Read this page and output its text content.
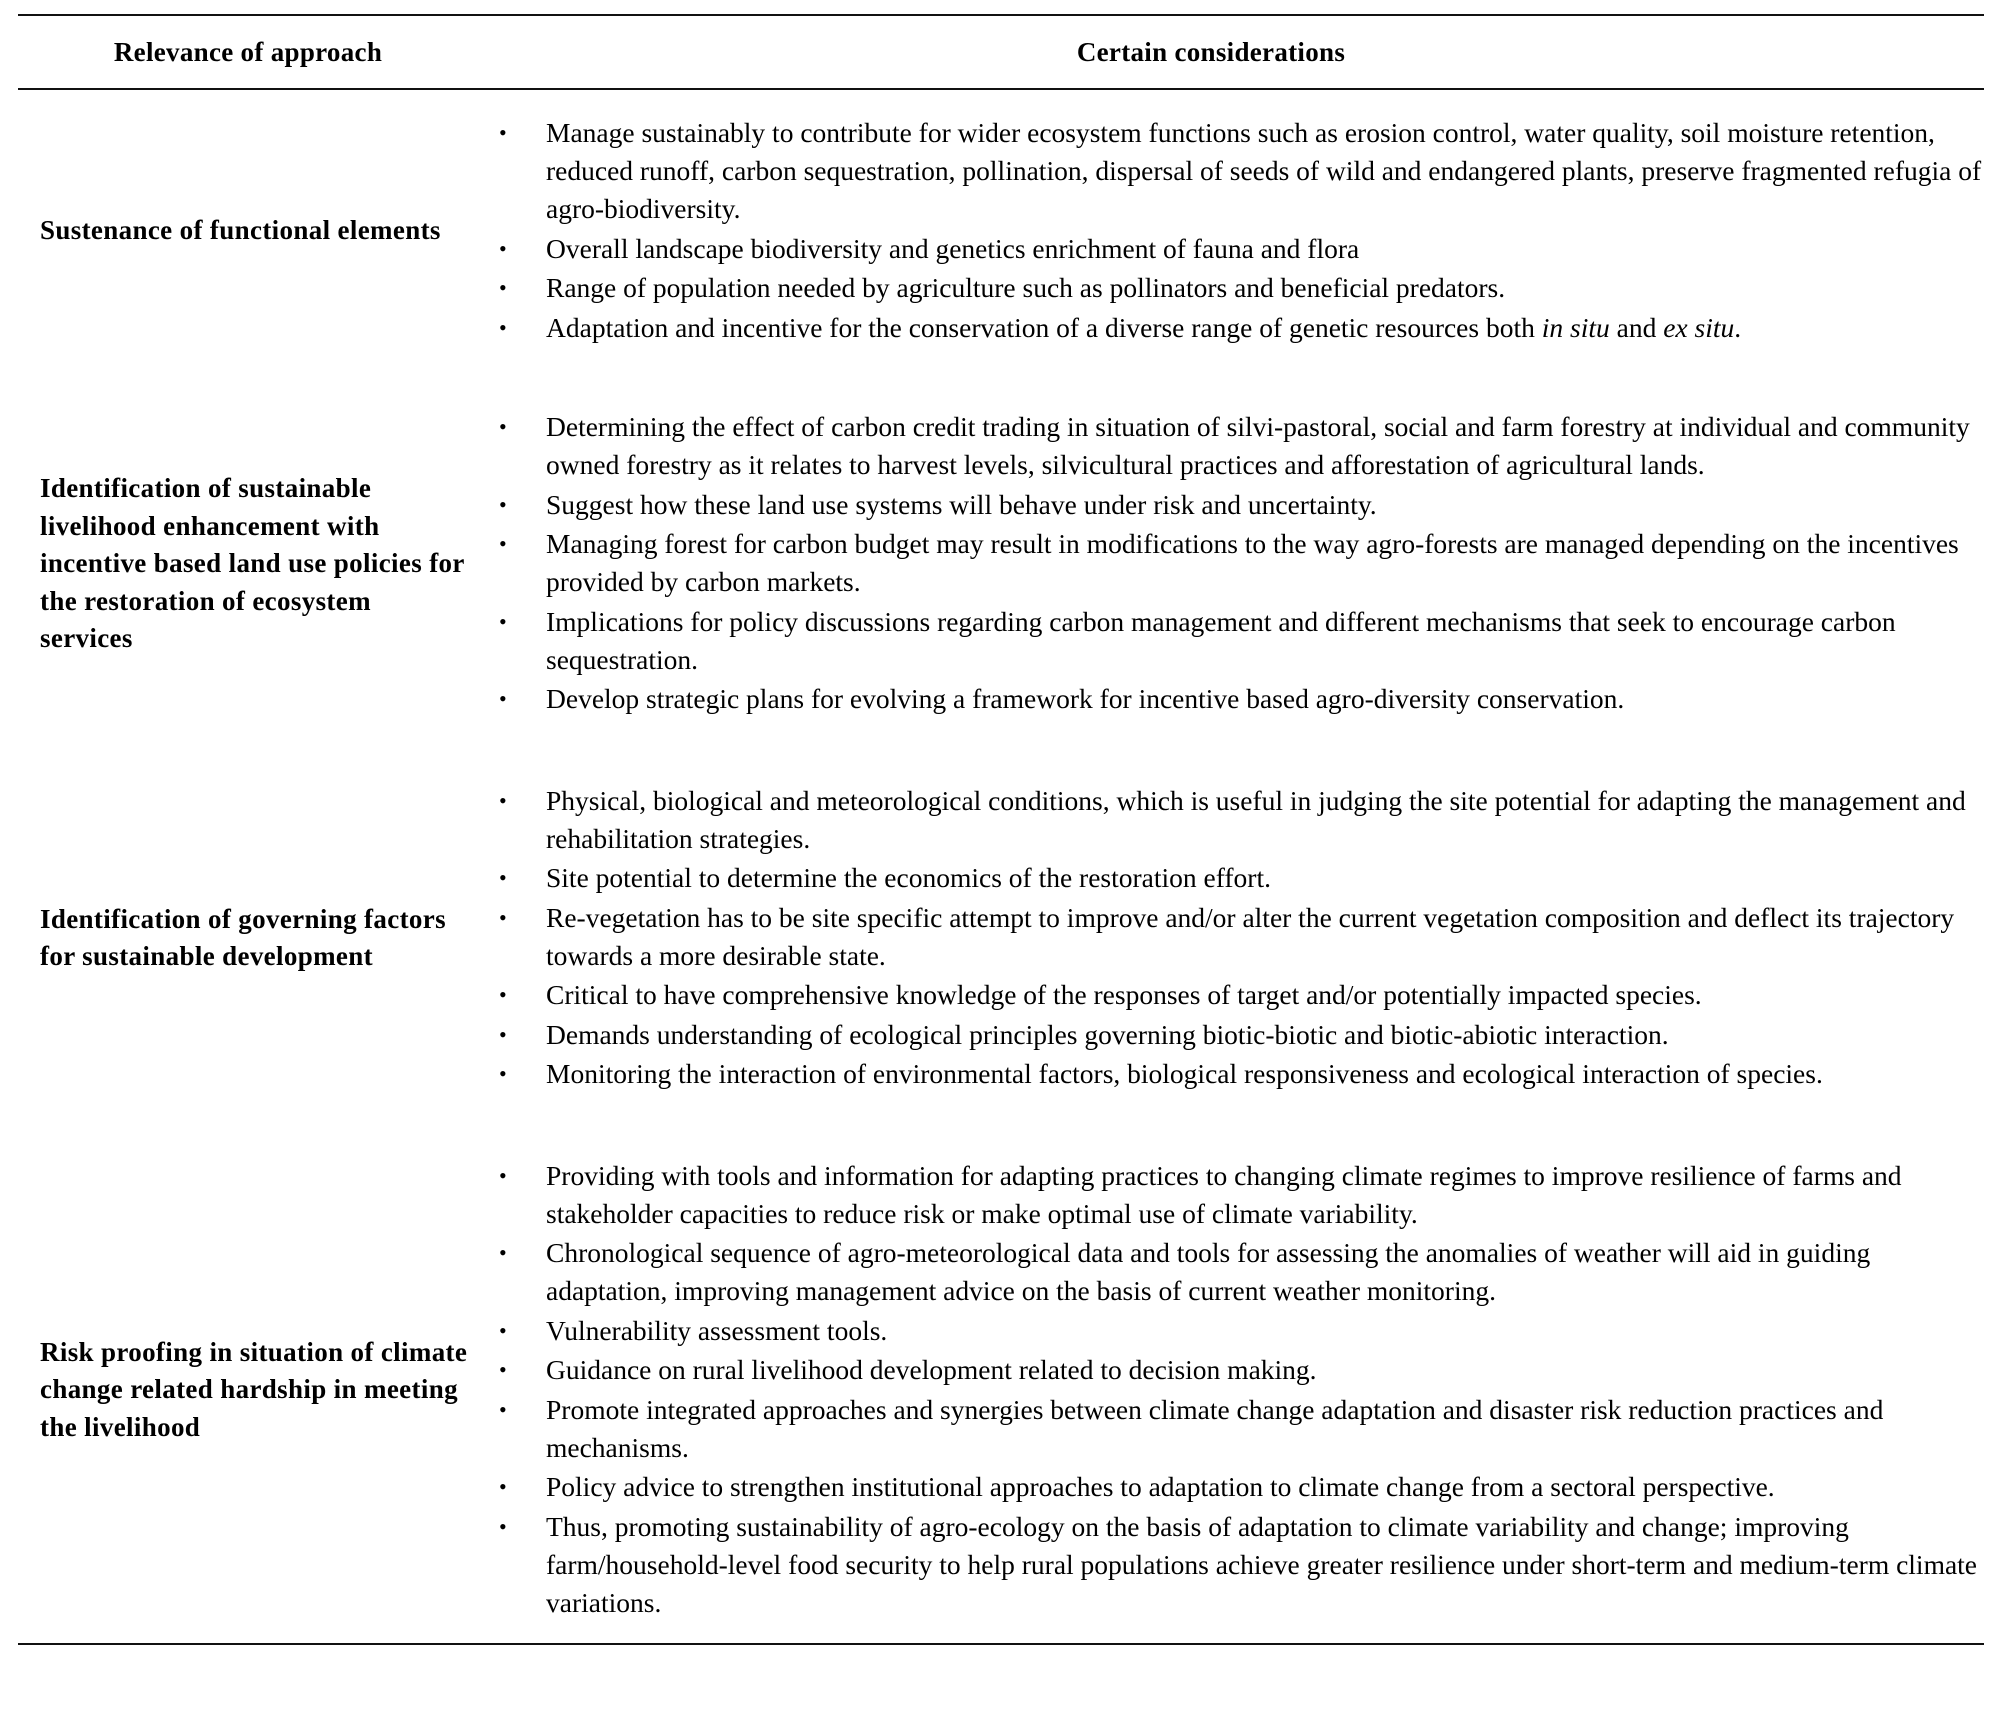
Relevance of approach	Certain considerations
Sustenance of functional elements
• Manage sustainably to contribute for wider ecosystem functions such as erosion control, water quality, soil moisture retention, reduced runoff, carbon sequestration, pollination, dispersal of seeds of wild and endangered plants, preserve fragmented refugia of agro-biodiversity.
• Overall landscape biodiversity and genetics enrichment of fauna and flora
• Range of population needed by agriculture such as pollinators and beneficial predators.
• Adaptation and incentive for the conservation of a diverse range of genetic resources both in situ and ex situ.
Identification of sustainable livelihood enhancement with incentive based land use policies for the restoration of ecosystem services
• Determining the effect of carbon credit trading in situation of silvi-pastoral, social and farm forestry at individual and community owned forestry as it relates to harvest levels, silvicultural practices and afforestation of agricultural lands.
• Suggest how these land use systems will behave under risk and uncertainty.
• Managing forest for carbon budget may result in modifications to the way agro-forests are managed depending on the incentives provided by carbon markets.
• Implications for policy discussions regarding carbon management and different mechanisms that seek to encourage carbon sequestration.
• Develop strategic plans for evolving a framework for incentive based agro-diversity conservation.
Identification of governing factors for sustainable development
• Physical, biological and meteorological conditions, which is useful in judging the site potential for adapting the management and rehabilitation strategies.
• Site potential to determine the economics of the restoration effort.
• Re-vegetation has to be site specific attempt to improve and/or alter the current vegetation composition and deflect its trajectory towards a more desirable state.
• Critical to have comprehensive knowledge of the responses of target and/or potentially impacted species.
• Demands understanding of ecological principles governing biotic-biotic and biotic-abiotic interaction.
• Monitoring the interaction of environmental factors, biological responsiveness and ecological interaction of species.
Risk proofing in situation of climate change related hardship in meeting the livelihood
• Providing with tools and information for adapting practices to changing climate regimes to improve resilience of farms and stakeholder capacities to reduce risk or make optimal use of climate variability.
• Chronological sequence of agro-meteorological data and tools for assessing the anomalies of weather will aid in guiding adaptation, improving management advice on the basis of current weather monitoring.
• Vulnerability assessment tools.
• Guidance on rural livelihood development related to decision making.
• Promote integrated approaches and synergies between climate change adaptation and disaster risk reduction practices and mechanisms.
• Policy advice to strengthen institutional approaches to adaptation to climate change from a sectoral perspective.
• Thus, promoting sustainability of agro-ecology on the basis of adaptation to climate variability and change; improving farm/household-level food security to help rural populations achieve greater resilience under short-term and medium-term climate variations.
